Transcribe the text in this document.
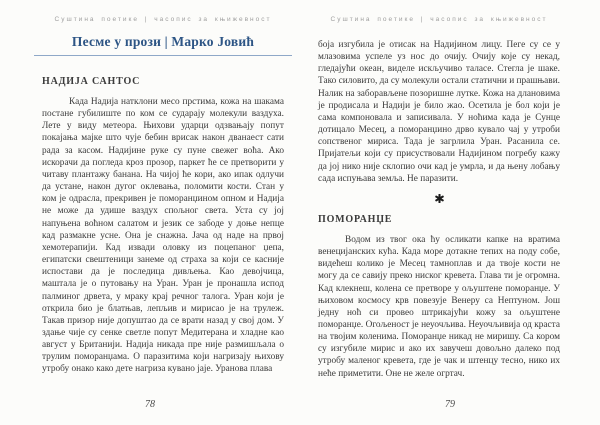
Суштина поетике | часопис за књижевност
Песме у прози | Марко Јовић
НАДИЈА САНТОС

Када Надија натклони месо прстима, кожа на шакама постане губилиште по ком се сударају молекули ваздуха. Лете у виду метеора. Њихови ударци одзвањају попут покајања мајке што чује бебин врисак након дванаест сати рада за касом. Надијине руке су пуне свежег воћа. Ако искорачи да погледа кроз прозор, паркет ће се претворити у читаву плантажу банана. На чијој ће кори, ако ипак одлучи да устане, након дугог оклевања, поломити кости. Стан у ком је одрасла, прекривен је поморанџином опном и Надија не може да удише ваздух спољног света. Уста су јој напуњена воћном салатом и језик се забоде у доње непце кад размакне усне. Она је снажна. Јача од наде на првој хемотерапији. Кад извади оловку из поцепаног џепа, египатски свештеници занеме од страха за који се касније испостави да је последица дивљења. Као девојчица, маштала је о путовању на Уран. Уран је пронашла испод палминог дрвета, у мраку крај речног талога. Уран који је открила био је блатњав, лепљив и мирисао је на трулеж. Такав призор није допуштао да се врати назад у свој дом. У здање чије су сенке светле попут Медитерана и хладне као август у Британији. Надија никада пре није размишљала о трулим поморанџама. О паразитима који нагризају њихову утробу онако како дете нагриза кувано јаје. Уранова плава

78
Суштина поетике | часопис за књижевност

боја изгубила је отисак на Надијином лицу. Пеге су се у млазовима успеле уз нос до очију. Очију које су некад, гледајући океан, виделе искључиво таласе. Стегла је шаке. Тако силовито, да су молекули остали статични и прашњави. Налик на заборављене позоришне лутке. Кожа на длановима је продисала и Надији је било жао. Осетила је бол који је сама компоновала и записивала. У ноћима када је Сунце дотицало Месец, а поморанџино дрво кувало чај у утроби сопственог мириса. Тада је загрлила Уран. Расанила се. Пријатељи који су присуствовали Надијином погребу кажу да јој нико није склопио очи кад је умрла, и да њену лобању сада испуњава земља. Не паразити.

ПОМОРАНЏЕ

Водом из твог ока ћу осликати капке на вратима венецијанских кућа. Када море дотакне тепих на поду собе, видећеш колико је Месец тамноплав и да твоје кости не могу да се савију преко ниског кревета. Глава ти је огромна. Кад клекнеш, колена се претворе у ољуштене поморанџе. У њиховом космосу крв повезује Венеру са Нептуном. Још једну ноћ си провео штрикајући кожу за ољуштене поморанџе. Огољеност је неуочљива. Неуочљивија од краста на твојим коленима. Поморанџе никад не миришу. Са кором су изгубиле мирис и ако их завучеш довољно далеко под утробу маленог кревета, где је чак и штенцу тесно, нико их неће приметити. Оне не желе огртач.

79
